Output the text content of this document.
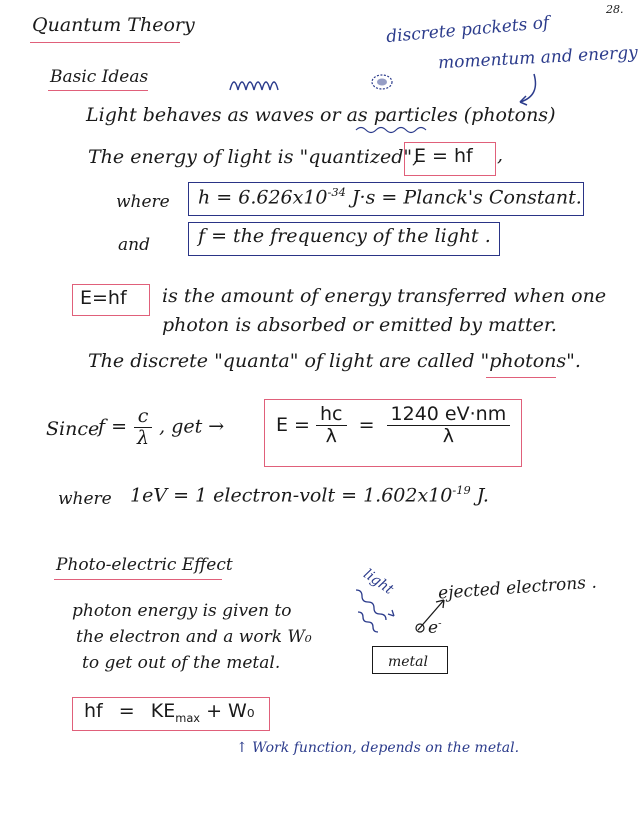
28.
Quantum Theory	discrete packets of
momentum and energy
Basic Ideas
Light behaves as waves or as particles (photons)
The energy of light is "quantized",
E = hf ,
where $h = 6.626x10^{-34}$ J·s = Planck's Constant.
and	f = the frequency of the light .
E=hf is the amount of energy transferred when one
photon is absorbed or emitted by matter.
The discrete "quanta" of light are called "photons".
Since
$f = \frac{c}{\lambda}$ , get →	$E = \frac{hc}{\lambda} = \frac{1240 eV\cdot nm}{\lambda}$
where 1eV = 1 electron-volt = $1.602x10^{-19}$ J.
Photo-electric Effect
photon energy is given to
the electron and a work W₀
to get out of the metal.
hf = $KE_{max} + W_0$
light ejected electrons .
e-
metal
↑ Work function, depends on the metal.
